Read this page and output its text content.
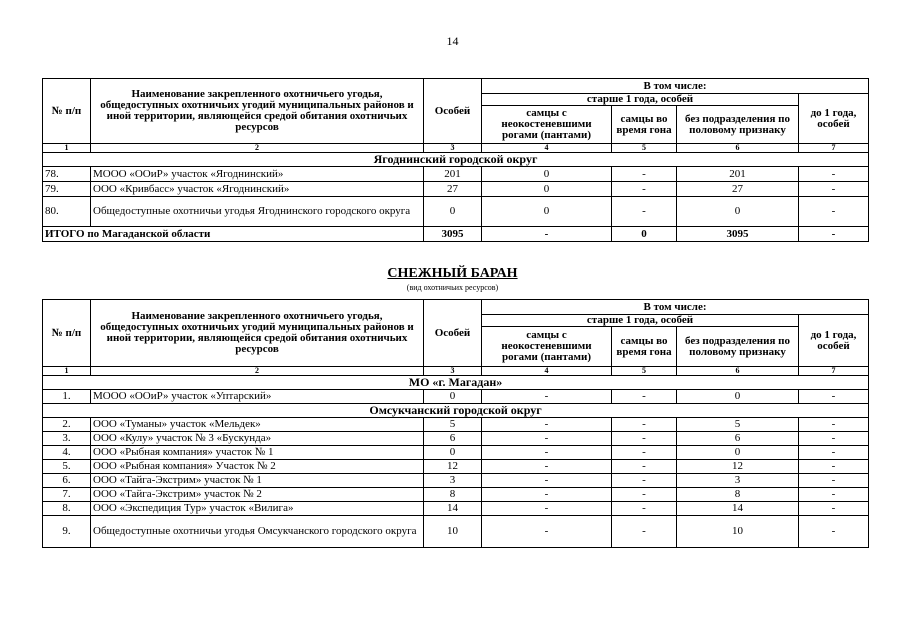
14
№ п/п	Наименование закрепленного охотничьего угодья, общедоступных охотничьих угодий муниципальных районов и иной территории, являющейся средой обитания охотничьих ресурсов	Особей	В том числе:			
			старше 1 года, особей			до 1 года, особей
			самцы с неокостеневшими рогами (пантами)	самцы во время гона	без подразделения по половому признаку	
1	2	3	4	5	6	7
Ягоднинский городской округ						
78.	МООО «ООиР» участок «Ягоднинский»	201	0	-	201	-
79.	ООО «Кривбасс» участок «Ягоднинский»	27	0	-	27	-
80.	Общедоступные охотничьи угодья Ягоднинского городского округа	0	0	-	0	-
ИТОГО по Магаданской области		3095	-	0	3095	-
СНЕЖНЫЙ БАРАН
(вид охотничьих ресурсов)
№ п/п	Наименование закрепленного охотничьего угодья, общедоступных охотничьих угодий муниципальных районов и иной территории, являющейся средой обитания охотничьих ресурсов	Особей	В том числе:			
			старше 1 года, особей			до 1 года, особей
			самцы с неокостеневшими рогами (пантами)	самцы во время гона	без подразделения по половому признаку	
1	2	3	4	5	6	7
МО «г. Магадан»						
1.	МООО «ООиР» участок «Уптарский»	0	-	-	0	-
Омсукчанский городской округ						
2.	ООО «Туманы» участок «Мельдек»	5	-	-	5	-
3.	ООО «Кулу» участок № 3 «Бускунда»	6	-	-	6	-
4.	ООО «Рыбная компания» участок № 1	0	-	-	0	-
5.	ООО «Рыбная компания» Участок № 2	12	-	-	12	-
6.	ООО «Тайга-Экстрим» участок № 1	3	-	-	3	-
7.	ООО «Тайга-Экстрим» участок № 2	8	-	-	8	-
8.	ООО «Экспедиция Тур» участок «Вилига»	14	-	-	14	-
9.	Общедоступные охотничьи угодья Омсукчанского городского округа	10	-	-	10	-
